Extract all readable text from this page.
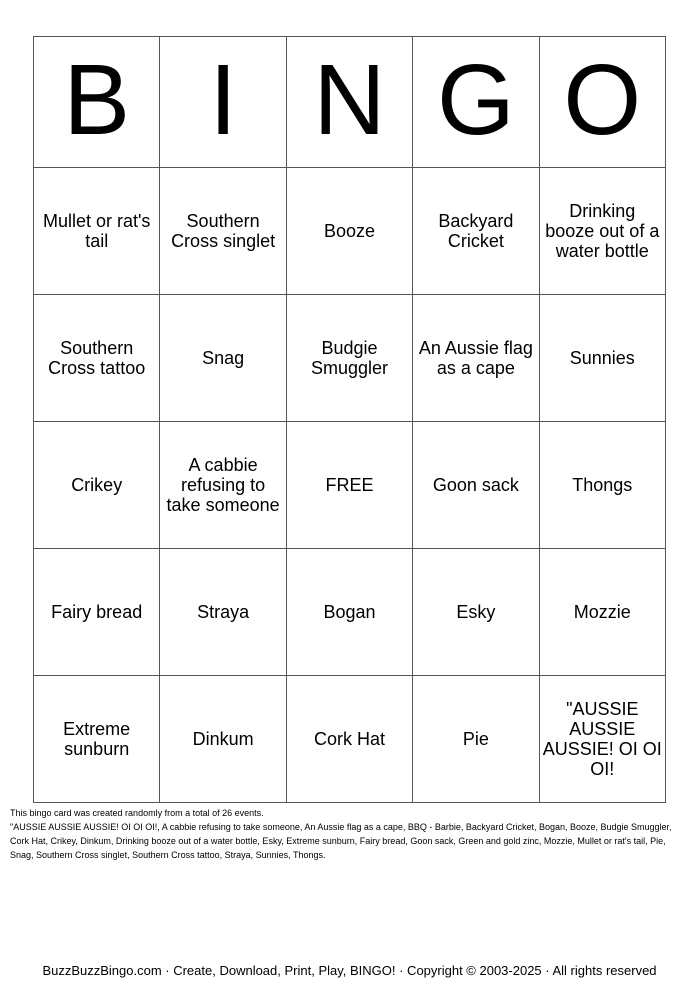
B	I	N	G	O
Mullet or rat's tail	Southern Cross singlet	Booze	Backyard Cricket	Drinking booze out of a water bottle
Southern Cross tattoo	Snag	Budgie Smuggler	An Aussie flag as a cape	Sunnies
Crikey	A cabbie refusing to take someone	FREE	Goon sack	Thongs
Fairy bread	Straya	Bogan	Esky	Mozzie
Extreme sunburn	Dinkum	Cork Hat	Pie	"AUSSIE AUSSIE AUSSIE! OI OI OI!

This bingo card was created randomly from a total of 26 events.

"AUSSIE AUSSIE AUSSIE! OI OI OI!, A cabbie refusing to take someone, An Aussie flag as a cape, BBQ - Barbie, Backyard Cricket, Bogan, Booze, Budgie Smuggler, Cork Hat, Crikey, Dinkum, Drinking booze out of a water bottle, Esky, Extreme sunburn, Fairy bread, Goon sack, Green and gold zinc, Mozzie, Mullet or rat's tail, Pie, Snag, Southern Cross singlet, Southern Cross tattoo, Straya, Sunnies, Thongs.

BuzzBuzzBingo.com · Create, Download, Print, Play, BINGO! · Copyright © 2003-2025 · All rights reserved
